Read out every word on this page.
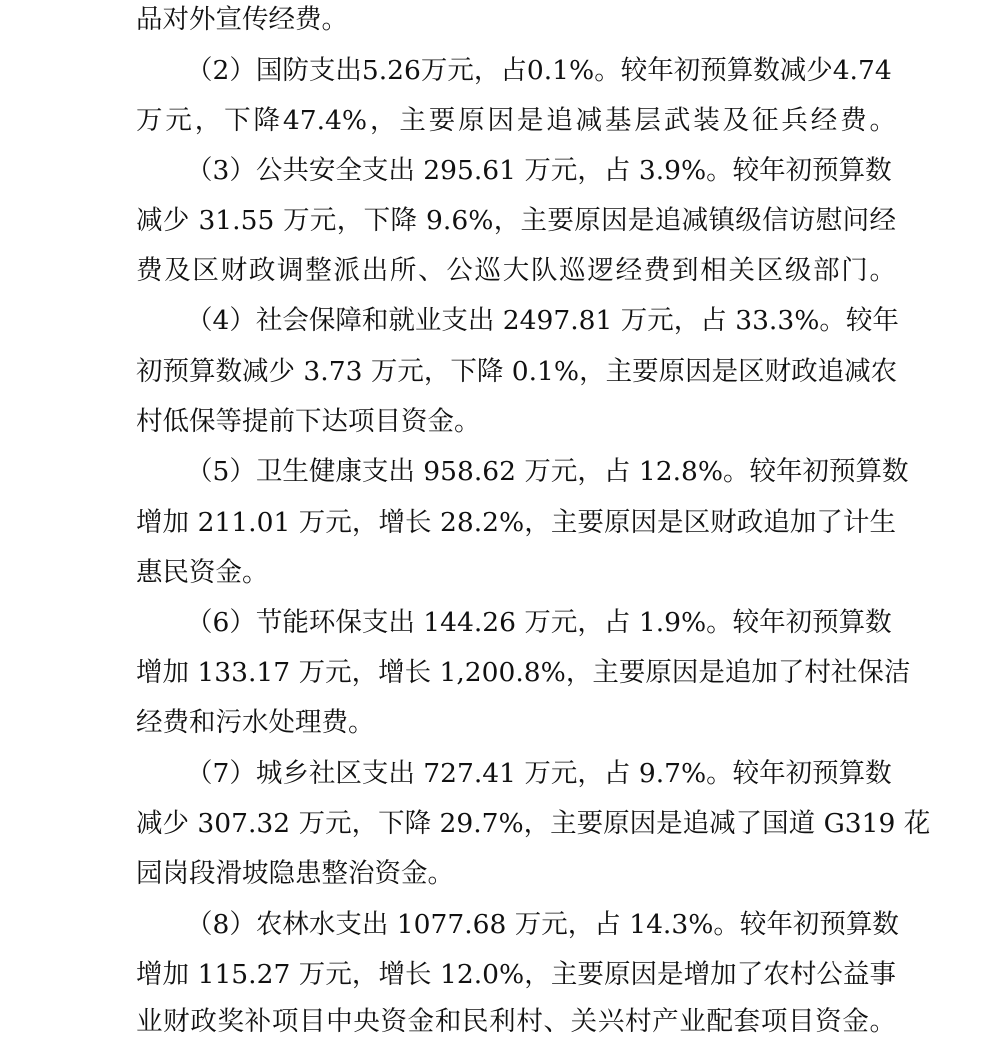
品对外宣传经费。
（2）国防支出5.26万元，占0.1%。较年初预算数减少4.74
万元，下降47.4%，主要原因是追减基层武装及征兵经费。
（3）公共安全支出 295.61 万元，占 3.9%。较年初预算数
减少 31.55 万元，下降 9.6%，主要原因是追减镇级信访慰问经
费及区财政调整派出所、公巡大队巡逻经费到相关区级部门。
（4）社会保障和就业支出 2497.81 万元，占 33.3%。较年
初预算数减少 3.73 万元，下降 0.1%，主要原因是区财政追减农
村低保等提前下达项目资金。
（5）卫生健康支出 958.62 万元，占 12.8%。较年初预算数
增加 211.01 万元，增长 28.2%，主要原因是区财政追加了计生
惠民资金。
（6）节能环保支出 144.26 万元，占 1.9%。较年初预算数
增加 133.17 万元，增长 1,200.8%，主要原因是追加了村社保洁
经费和污水处理费。
（7）城乡社区支出 727.41 万元，占 9.7%。较年初预算数
减少 307.32 万元，下降 29.7%，主要原因是追减了国道 G319 花
园岗段滑坡隐患整治资金。
（8）农林水支出 1077.68 万元，占 14.3%。较年初预算数
增加 115.27 万元，增长 12.0%，主要原因是增加了农村公益事
业财政奖补项目中央资金和民利村、关兴村产业配套项目资金。
